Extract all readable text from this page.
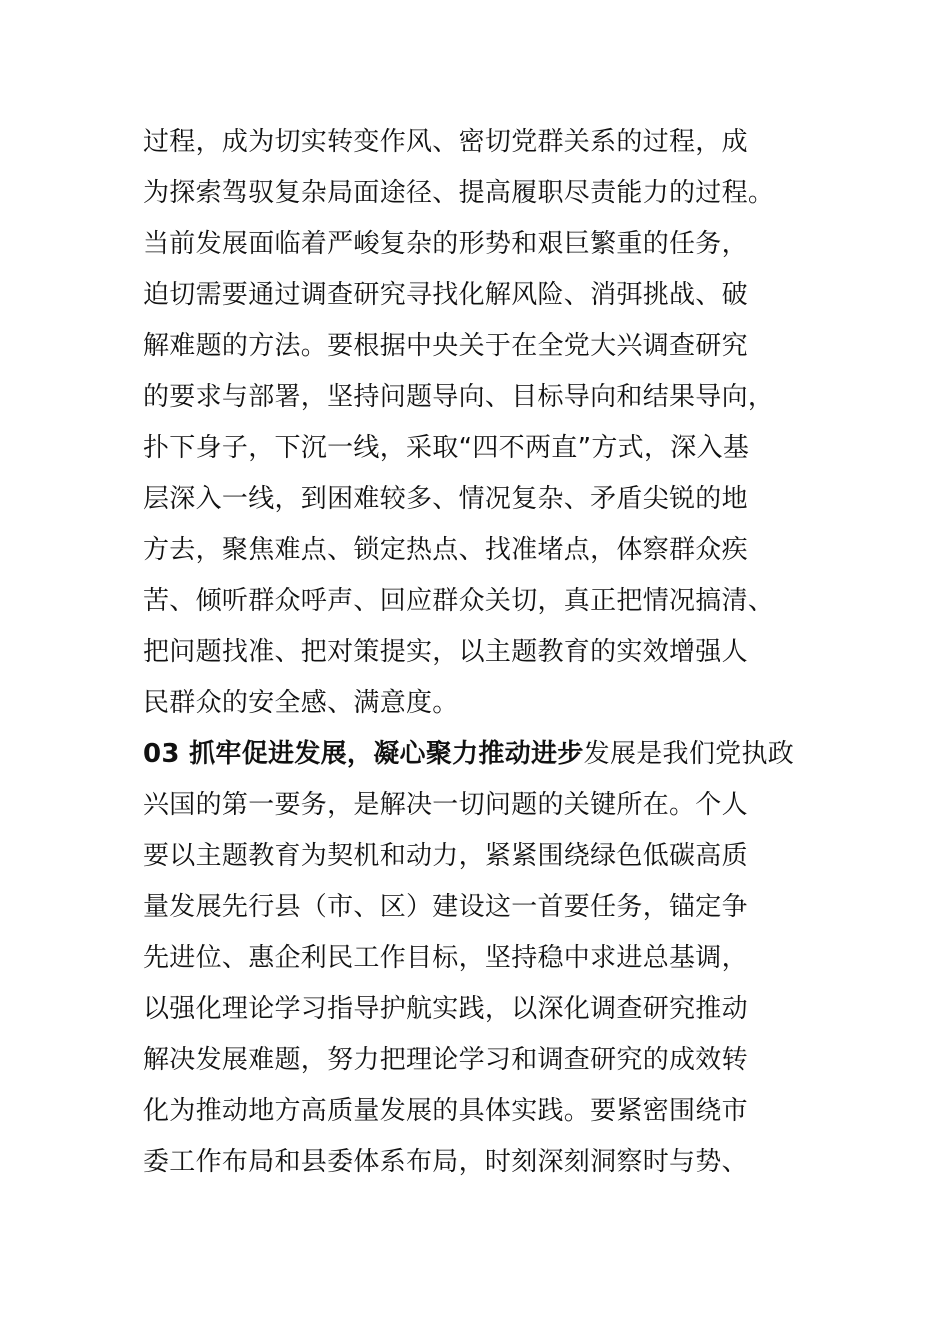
过程，成为切实转变作风、密切党群关系的过程，成
为探索驾驭复杂局面途径、提高履职尽责能力的过程。
当前发展面临着严峻复杂的形势和艰巨繁重的任务，
迫切需要通过调查研究寻找化解风险、消弭挑战、破
解难题的方法。要根据中央关于在全党大兴调查研究
的要求与部署，坚持问题导向、目标导向和结果导向，
扑下身子，下沉一线，采取“四不两直”方式，深入基
层深入一线，到困难较多、情况复杂、矛盾尖锐的地
方去，聚焦难点、锁定热点、找准堵点，体察群众疾
苦、倾听群众呼声、回应群众关切，真正把情况搞清、
把问题找准、把对策提实，以主题教育的实效增强人
民群众的安全感、满意度。
03 抓牢促进发展，凝心聚力推动进步发展是我们党执政
兴国的第一要务，是解决一切问题的关键所在。个人
要以主题教育为契机和动力，紧紧围绕绿色低碳高质
量发展先行县（市、区）建设这一首要任务，锚定争
先进位、惠企利民工作目标，坚持稳中求进总基调，
以强化理论学习指导护航实践，以深化调查研究推动
解决发展难题，努力把理论学习和调查研究的成效转
化为推动地方高质量发展的具体实践。要紧密围绕市
委工作布局和县委体系布局，时刻深刻洞察时与势、
